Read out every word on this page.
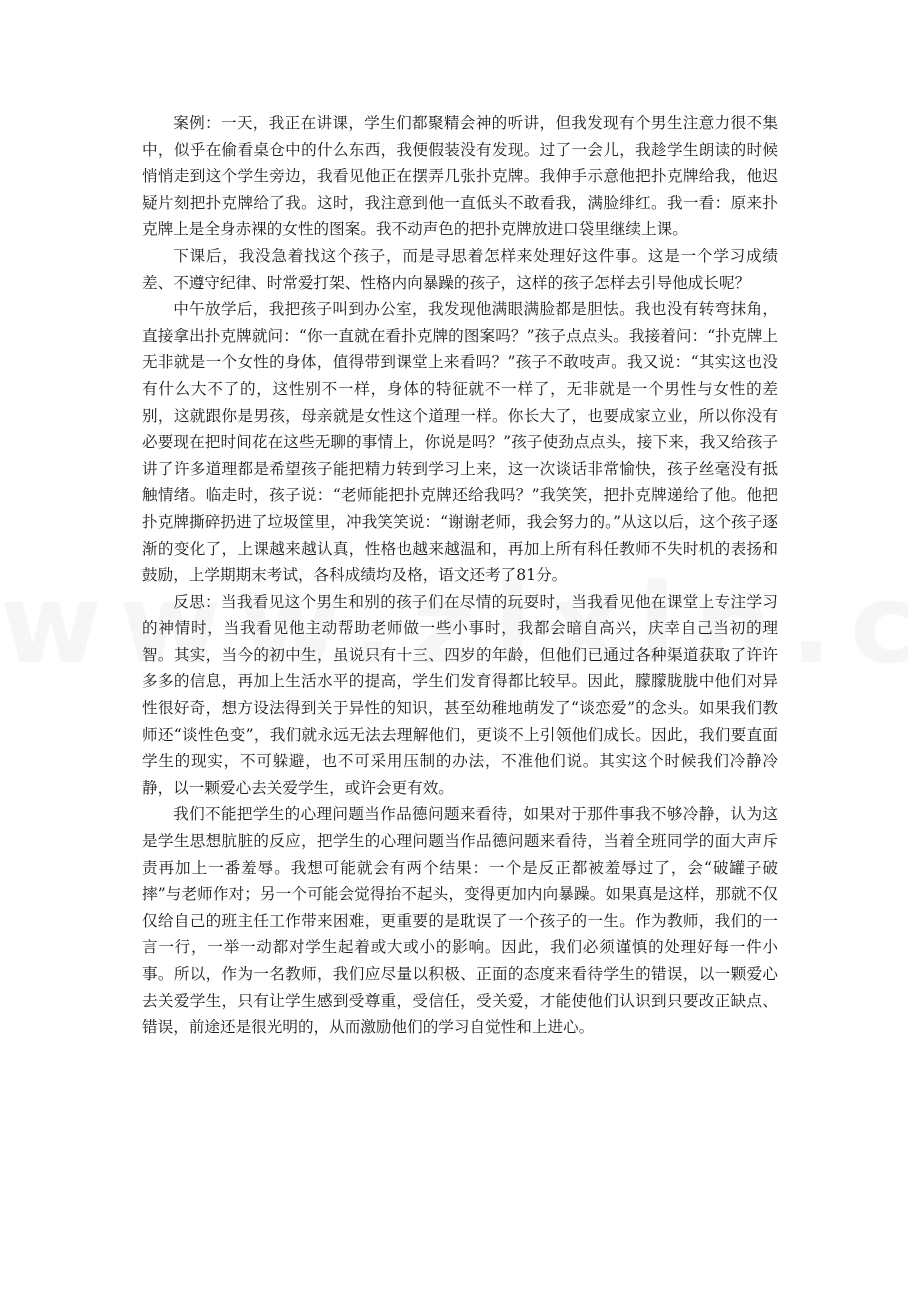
案例：一天，我正在讲课，学生们都聚精会神的听讲，但我发现有个男生注意力很不集中，似乎在偷看桌仓中的什么东西，我便假装没有发现。过了一会儿，我趁学生朗读的时候悄悄走到这个学生旁边，我看见他正在摆弄几张扑克牌。我伸手示意他把扑克牌给我，他迟疑片刻把扑克牌给了我。这时，我注意到他一直低头不敢看我，满脸绯红。我一看：原来扑克牌上是全身赤裸的女性的图案。我不动声色的把扑克牌放进口袋里继续上课。

下课后，我没急着找这个孩子，而是寻思着怎样来处理好这件事。这是一个学习成绩差、不遵守纪律、时常爱打架、性格内向暴躁的孩子，这样的孩子怎样去引导他成长呢？

中午放学后，我把孩子叫到办公室，我发现他满眼满脸都是胆怯。我也没有转弯抹角，直接拿出扑克牌就问：“你一直就在看扑克牌的图案吗？”孩子点点头。我接着问：“扑克牌上无非就是一个女性的身体，值得带到课堂上来看吗？”孩子不敢吱声。我又说：“其实这也没有什么大不了的，这性别不一样，身体的特征就不一样了，无非就是一个男性与女性的差别，这就跟你是男孩，母亲就是女性这个道理一样。你长大了，也要成家立业，所以你没有必要现在把时间花在这些无聊的事情上，你说是吗？”孩子使劲点点头，接下来，我又给孩子讲了许多道理都是希望孩子能把精力转到学习上来，这一次谈话非常愉快，孩子丝毫没有抵触情绪。临走时，孩子说：“老师能把扑克牌还给我吗？”我笑笑，把扑克牌递给了他。他把扑克牌撕碎扔进了垃圾筐里，冲我笑笑说：“谢谢老师，我会努力的。”从这以后，这个孩子逐渐的变化了，上课越来越认真，性格也越来越温和，再加上所有科任教师不失时机的表扬和鼓励，上学期期末考试，各科成绩均及格，语文还考了81分。

反思：当我看见这个男生和别的孩子们在尽情的玩耍时，当我看见他在课堂上专注学习的神情时，当我看见他主动帮助老师做一些小事时，我都会暗自高兴，庆幸自己当初的理智。其实，当今的初中生，虽说只有十三、四岁的年龄，但他们已通过各种渠道获取了许许多多的信息，再加上生活水平的提高，学生们发育得都比较早。因此，朦朦胧胧中他们对异性很好奇，想方设法得到关于异性的知识，甚至幼稚地萌发了“谈恋爱”的念头。如果我们教师还“谈性色变”，我们就永远无法去理解他们，更谈不上引领他们成长。因此，我们要直面学生的现实，不可躲避，也不可采用压制的办法，不准他们说。其实这个时候我们冷静冷静，以一颗爱心去关爱学生，或许会更有效。

我们不能把学生的心理问题当作品德问题来看待，如果对于那件事我不够冷静，认为这是学生思想肮脏的反应，把学生的心理问题当作品德问题来看待，当着全班同学的面大声斥责再加上一番羞辱。我想可能就会有两个结果：一个是反正都被羞辱过了，会“破罐子破摔”与老师作对；另一个可能会觉得抬不起头，变得更加内向暴躁。如果真是这样，那就不仅仅给自己的班主任工作带来困难，更重要的是耽误了一个孩子的一生。作为教师，我们的一言一行，一举一动都对学生起着或大或小的影响。因此，我们必须谨慎的处理好每一件小事。所以，作为一名教师，我们应尽量以积极、正面的态度来看待学生的错误，以一颗爱心去关爱学生，只有让学生感到受尊重，受信任，受关爱，才能使他们认识到只要改正缺点、错误，前途还是很光明的，从而激励他们的学习自觉性和上进心。
